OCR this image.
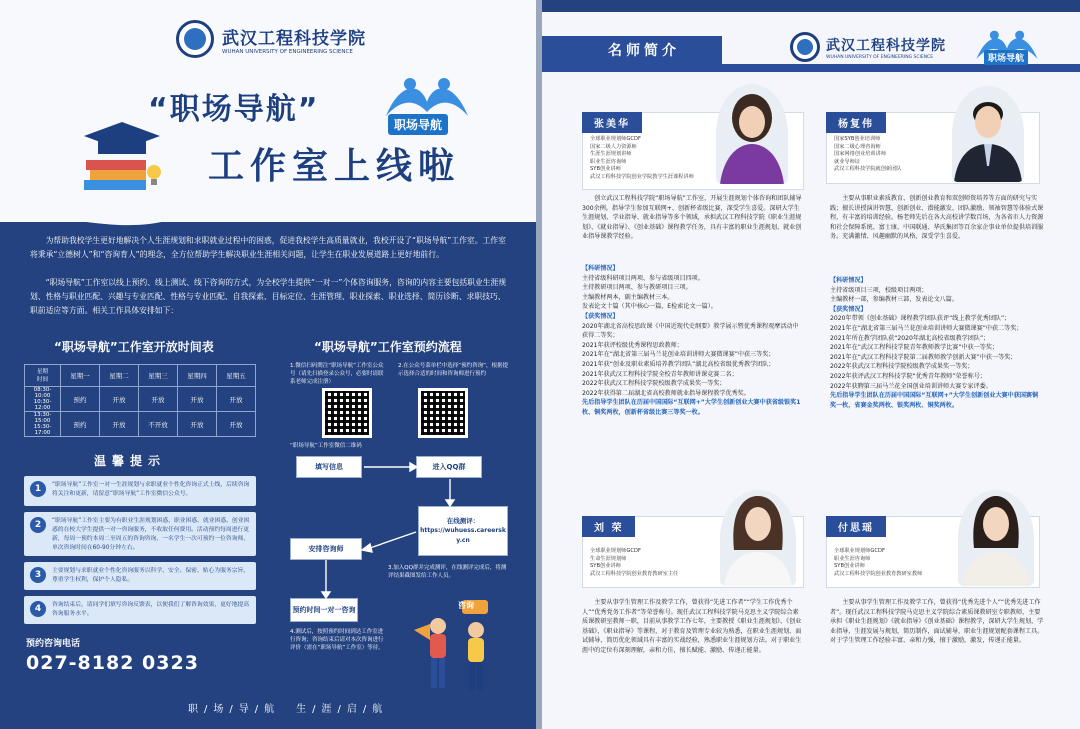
武汉工程科技学院
WUHAN UNIVERSITY OF ENGINEERING SCIENCE
“职场导航”
工作室上线啦
职场导航
为帮助我校学生更好地解决个人生涯规划和求职就业过程中的困惑，促进我校学生高质量就业，我校开设了“职场导航”工作室。工作室将秉承“立德树人”和“咨询育人”的理念，全方位帮助学生解决职业生涯相关问题，让学生在职业发展道路上更好地前行。
“职场导航”工作室以线上预约、线上测试、线下咨询的方式，为全校学生提供“一对一”个体咨询服务，咨询的内容主要包括职业生涯规划、性格与职业匹配、兴趣与专业匹配、性格与专业匹配、自我探索、目标定位、生涯管理、职业探索、职业选择、简历诊断、求职技巧、职前适应等方面。相关工作具体安排如下：
“职场导航”工作室开放时间表
星期
时间	星期一	星期二	星期三	星期四	星期五
08:30-10:00 10:30-12:00	预约	开放	开放	开放	开放
13:30-15:00 15:30-17:00	预约	开放	不开放	开放	开放
温馨提示
1	“职场导航”工作室一对一生涯规划与求职就业个性化咨询正式上线，后续咨询将关注和更新，请留意“职场导航”工作室微信公众号。
2	“职场导航”工作室主要为有职业生涯规划困惑、职业困惑、就业困惑、创业困惑的在校大学生提供一对一咨询服务，不收取任何费用。活动预约每周进行更新，每周一预约本周二至周五的咨询咨询，一名学生一次可预约一位咨询师，单次咨询时间在60-90分钟左右。
3	主要规划与求职就业个性化咨询服务以科学、安全、保密、贴心为服务宗旨，尊重学生权利，保护个人隐私。
4	咨询结束后，请同学们填写咨询反馈表，以便我们了解咨询效果，更好地提高咨询服务水平。
预约咨询电话
027-8182 0323
“职场导航”工作室预约流程
1.微信扫码関注“职场导航”工作室公众号（请先扫描登录公众号，必要时请联系老师完成注册）
“职场导航”工作室微信二维码
2.在公众号菜单栏中选择“预约咨询”，根据提示选择合适的时间和咨询师进行预约
填写信息	进入QQ群
在线测评：
https://wuhuess.careersky.cn
安排咨询师
3.加入QQ群并完成测评，在线测评完成后，将测评结果截图发给工作人员。
预约时间一对一咨询
4.测试后，按照预约时间到达工作室进行咨询；咨询结束后请对本次咨询进行评价（需在“职场导航”工作室）等待。
咨询
职/场/导/航　生/涯/启/航
名师简介	武汉工程科技学院
WUHAN UNIVERSITY OF ENGINEERING SCIENCE	职场导航
张美华
全球职业规划师GCDF
国家二级人力资源师
生涯生涯规划讲师
职业生涯咨询师
SYB创业讲师
武汉工程科技学院创业学院教学生涯课程讲师
创立武汉工程科技学院“职场导航”工作室，开展生涯规划个体咨询和团队辅导300余例。指导学生参加互联网+、创新杯省级比赛，深受学生喜爱。深研大学生生涯规划、学业指导、就业指导等多个领域，承担武汉工程科技学院《职业生涯规划》、《就业指导》、《创业基础》课程教学任务，具有丰富的职业生涯规划、就业创业指导课教学经验。
【科研情况】
主持省级科研项目两项、参与省级项目四项。
主持教研项目两项、参与教研项目三项。
主编教材两本，副主编教材三本。
发表论文十篇（其中核心一篇，E检索论文一篇）。
【获奖情况】
2020年湖北省高校思政课《中国近现代史纲要》教学展示暨优秀课程观摩活动中获得二等奖；
2021年获评校级优秀课程思政教师；
2021年在“湖北省第三届马兰花创业培训讲师大赛微课赛”中获三等奖；
2021年获“创业及职业素质培养教学团队”湖北高校省级优秀教学团队；
2021年获武汉工程科技学院全校青年教师讲课竞赛二名；
2022年获武汉工程科技学院校级教学成果奖一等奖；
2022年获得第二届湖北省高校教师就业指导课程教学优秀奖。
先后指导学生团队在历届中国国际“互联网+”大学生创新创业大赛中获省级银奖1枚、铜奖两枚，创新杯省级比赛三等奖一枚。
杨复伟
国家SYB创业培训师
国家二级心理咨询师
国家网络创业培训讲师
就业导师证
武汉工程科技学院就创新团队
主要从事职业素质教育、创新创业教育和双创师资培养等方面的研究与实践；擅长讲授演讲智慧、创新创业、潜能激发、团队激励、领袖智慧等体验式课程，有丰富的培训经验。杨老师先后在各大高校讲学数百场，为各省市人力资源和社会保障系统、富士康、中国联通、华氏集团等百余家企事业单位提供培训服务。充满激情、风趣幽默的风格，深受学生喜爱。
【科研情况】
主持省级项目三项，校级项目两项；
主编教材一部，参编教材三部，发表论文八篇。
【获奖情况】
2020年带领《创业基础》课程教学团队获评“线上教学优秀团队”；
2021年在“湖北省第三届马兰花创业培训讲师大赛微课赛”中获二等奖；
2021年所在教学团队获“2020年湖北高校省级教学团队”；
2021年在“武汉工程科技学院青年教师教学比赛”中获一等奖；
2021年在“武汉工程科技学院第二届教师教学创新大赛”中获一等奖；
2022年获武汉工程科技学院校级教学成果奖一等奖；
2022年获评武汉工程科技学院“优秀青年教师”荣誉称号；
2022年获聘第三届马兰花全国创业培训讲师大赛专家评委。
先后指导学生团队在历届中国国际“互联网+”大学生创新创业大赛中获国赛铜奖一枚，省赛金奖两枚、银奖两枚、铜奖两枚。
刘 荣
全球职业规划师GCDF
生命生涯规划师
SYB创业讲师
武汉工程科技学院创业教育教研室主任
主要从事学生管理工作及教学工作，曾获得“先进工作者”“学生工作优秀个人”“优秀党务工作者”等荣誉称号。现任武汉工程科技学院马克思主义学院综合素质课教研室教师一职，目前从事教学工作七年，主要教授《职业生涯规划》、《创业基础》、《职业指导》等课程，对于教育及管理专业较为熟悉，在职业生涯规划、面试辅导、简历优化领域具有丰富的实战经验，熟悉职业生涯规划方法。对于职业生涯中的定位有深刻理解，亲和力佳，擅长赋能、激励、传递正能量。
付思瑶
全球职业规划师GCDF
职业生涯咨询师
SYB创业讲师
武汉工程科技学院创业教育教研室教师
主要从事学生管理工作及教学工作，曾获得“优秀先进个人”“优秀先进工作者”。现任武汉工程科技学院马克思主义学院综合素质课教研室专职教师，主要承担《职业生涯规划》《就业指导》《创业基础》课程教学，深研大学生规划，学业指导，生涯发展与规划，简历制作，面试辅导，职业生涯规划配套课程工具。对于学生管理工作经验丰富，亲和力强，擅于激励，激发，传递正能量。
